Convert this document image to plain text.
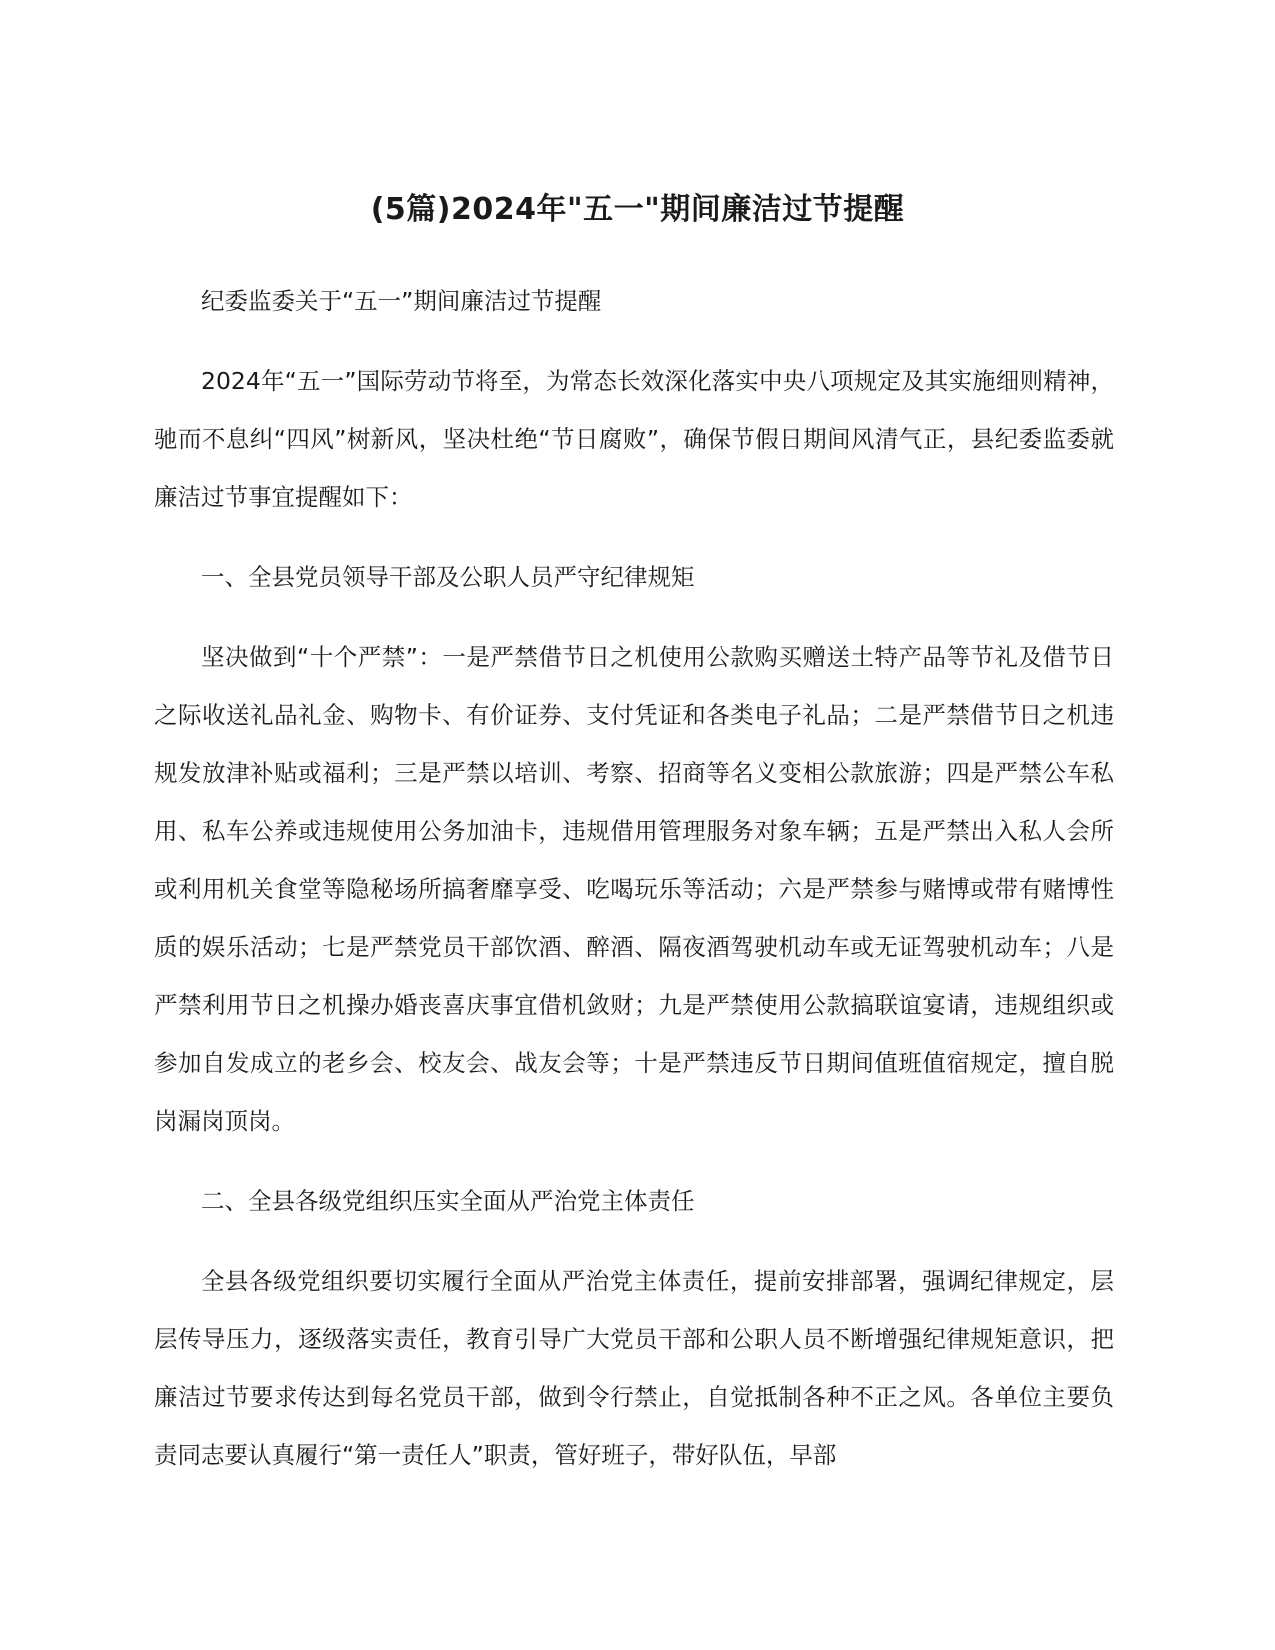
(5篇)2024年"五一"期间廉洁过节提醒

纪委监委关于“五一”期间廉洁过节提醒

2024年“五一”国际劳动节将至，为常态长效深化落实中央八项规定及其实施细则精神，驰而不息纠“四风”树新风，坚决杜绝“节日腐败”，确保节假日期间风清气正，县纪委监委就廉洁过节事宜提醒如下：

一、全县党员领导干部及公职人员严守纪律规矩

坚决做到“十个严禁”：一是严禁借节日之机使用公款购买赠送土特产品等节礼及借节日之际收送礼品礼金、购物卡、有价证券、支付凭证和各类电子礼品；二是严禁借节日之机违规发放津补贴或福利；三是严禁以培训、考察、招商等名义变相公款旅游；四是严禁公车私用、私车公养或违规使用公务加油卡，违规借用管理服务对象车辆；五是严禁出入私人会所或利用机关食堂等隐秘场所搞奢靡享受、吃喝玩乐等活动；六是严禁参与赌博或带有赌博性质的娱乐活动；七是严禁党员干部饮酒、醉酒、隔夜酒驾驶机动车或无证驾驶机动车；八是严禁利用节日之机操办婚丧喜庆事宜借机敛财；九是严禁使用公款搞联谊宴请，违规组织或参加自发成立的老乡会、校友会、战友会等；十是严禁违反节日期间值班值宿规定，擅自脱岗漏岗顶岗。

二、全县各级党组织压实全面从严治党主体责任

全县各级党组织要切实履行全面从严治党主体责任，提前安排部署，强调纪律规定，层层传导压力，逐级落实责任，教育引导广大党员干部和公职人员不断增强纪律规矩意识，把廉洁过节要求传达到每名党员干部，做到令行禁止，自觉抵制各种不正之风。各单位主要负责同志要认真履行“第一责任人”职责，管好班子，带好队伍，早部
